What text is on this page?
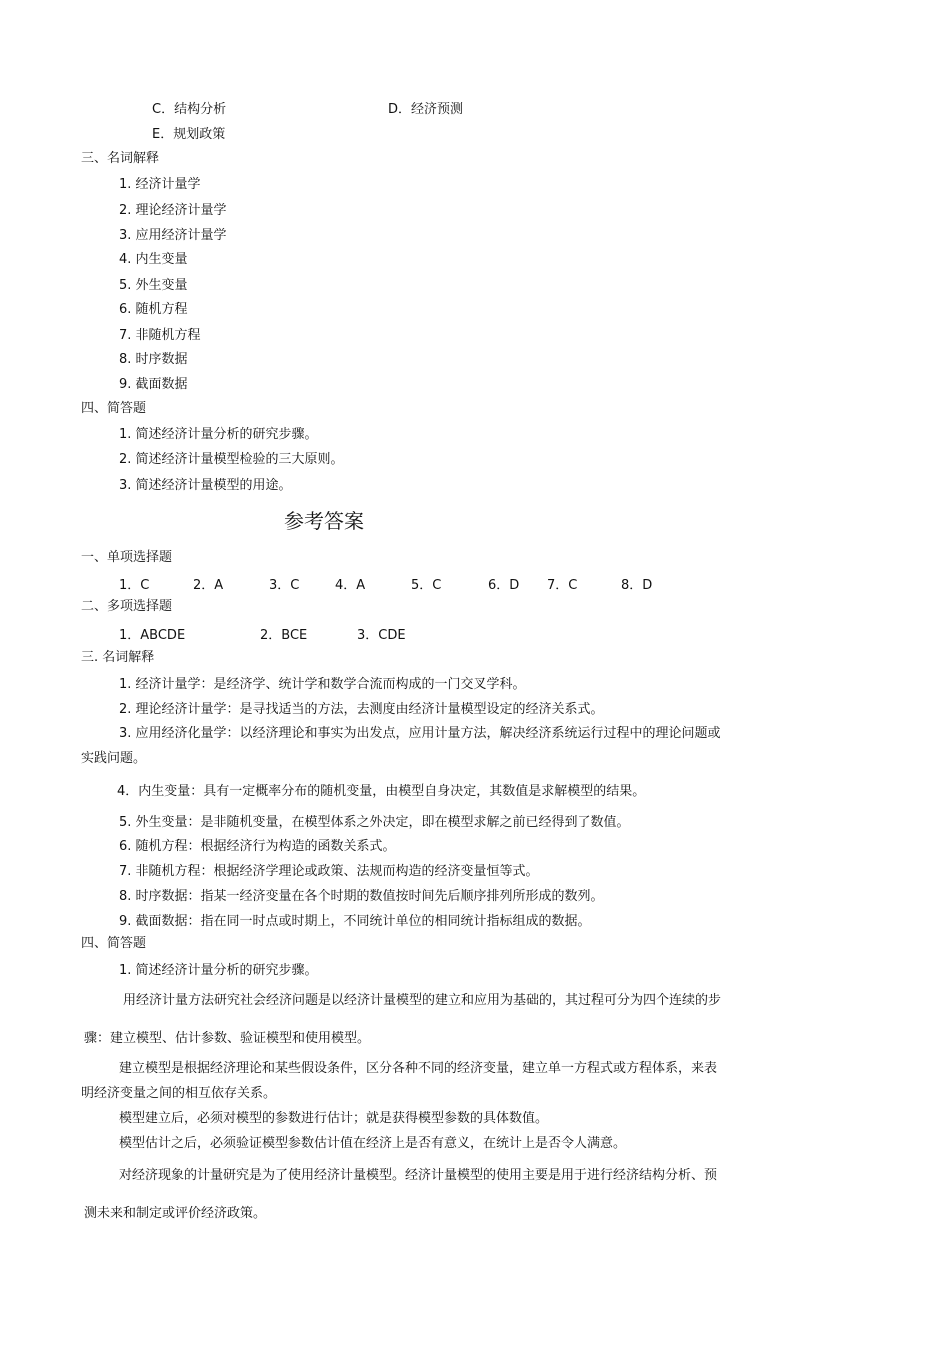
C．结构分析	D．经济预测
E．规划政策
三、名词解释
1. 经济计量学
2. 理论经济计量学
3. 应用经济计量学
4. 内生变量
5. 外生变量
6. 随机方程
7. 非随机方程
8. 时序数据
9. 截面数据
四、简答题
1. 简述经济计量分析的研究步骤。
2. 简述经济计量模型检验的三大原则。
3. 简述经济计量模型的用途。
参考答案
一、单项选择题
1．C	2．A	3．C	4．A	5．C	6．D 7．C	8．D
二、多项选择题
1．ABCDE	2．BCE	3．CDE
三. 名词解释
1. 经济计量学：是经济学、统计学和数学合流而构成的一门交叉学科。
2. 理论经济计量学：是寻找适当的方法，去测度由经济计量模型设定的经济关系式。
3. 应用经济化量学：以经济理论和事实为出发点，应用计量方法，解决经济系统运行过程中的理论问题或
实践问题。
4．内生变量：具有一定概率分布的随机变量，由模型自身决定，其数值是求解模型的结果。
5. 外生变量：是非随机变量，在模型体系之外决定，即在模型求解之前已经得到了数值。
6. 随机方程：根据经济行为构造的函数关系式。
7. 非随机方程：根据经济学理论或政策、法规而构造的经济变量恒等式。
8. 时序数据：指某一经济变量在各个时期的数值按时间先后顺序排列所形成的数列。
9. 截面数据：指在同一时点或时期上，不同统计单位的相同统计指标组成的数据。
四、简答题
1. 简述经济计量分析的研究步骤。
用经济计量方法研究社会经济问题是以经济计量模型的建立和应用为基础的，其过程可分为四个连续的步
骤：建立模型、估计参数、验证模型和使用模型。
建立模型是根据经济理论和某些假设条件，区分各种不同的经济变量，建立单一方程式或方程体系，来表
明经济变量之间的相互依存关系。
模型建立后，必须对模型的参数进行估计；就是获得模型参数的具体数值。
模型估计之后，必须验证模型参数估计值在经济上是否有意义，在统计上是否令人满意。
对经济现象的计量研究是为了使用经济计量模型。经济计量模型的使用主要是用于进行经济结构分析、预
测未来和制定或评价经济政策。
